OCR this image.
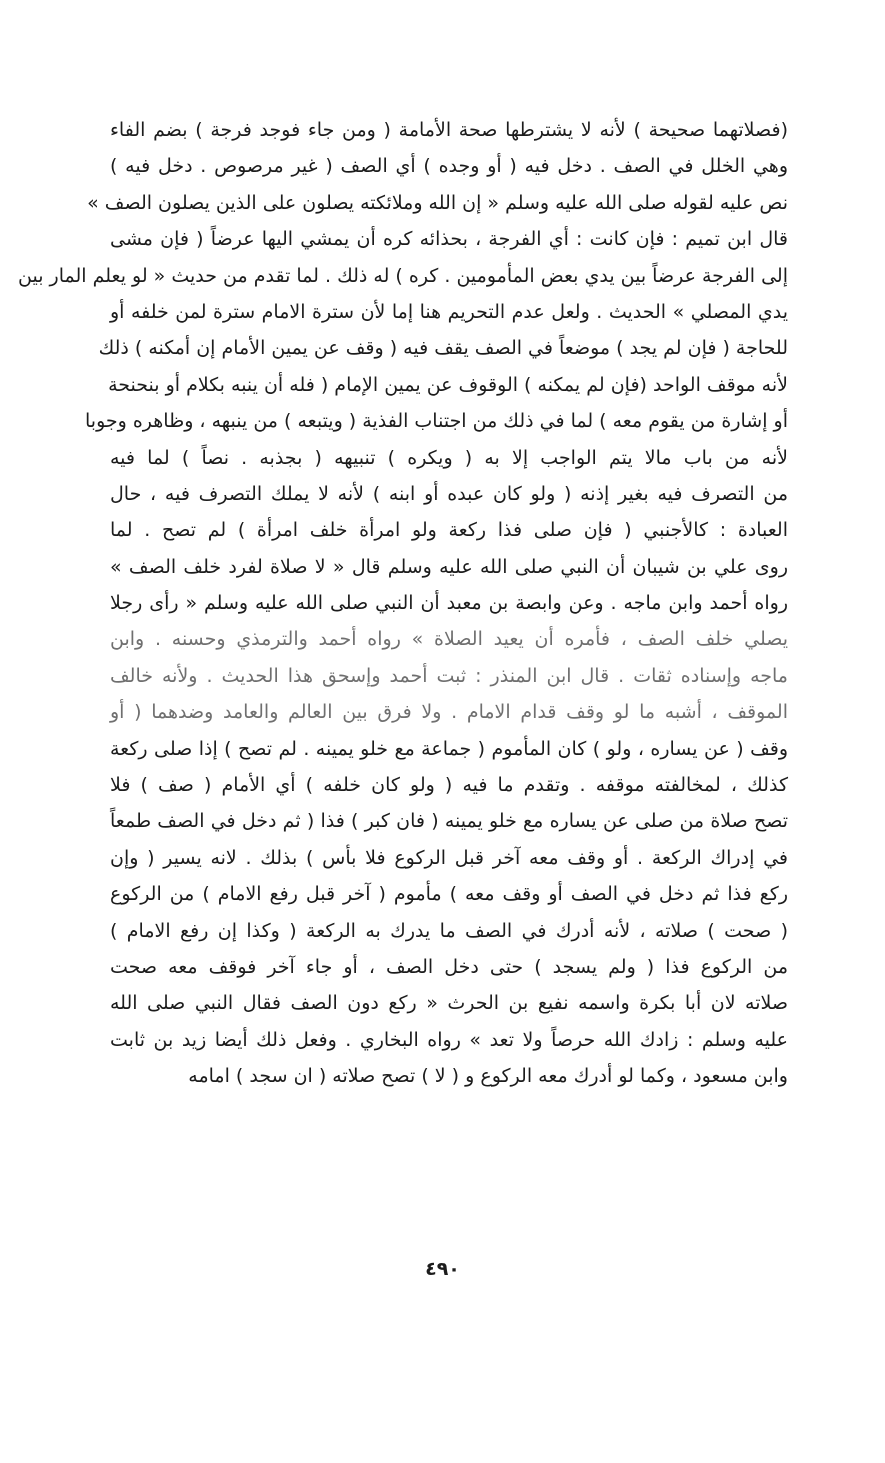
(فصلاتهما صحيحة ) لأنه لا يشترطها صحة الأمامة ( ومن جاء فوجد فرجة ) بضم الفاء
وهي الخلل في الصف . دخل فيه ( أو وجده ) أي الصف ( غير مرصوص . دخل فيه )
نص عليه لقوله صلى الله عليه وسلم « إن الله وملائكته يصلون على الذين يصلون الصف »
قال ابن تميم : فإن كانت : أي الفرجة ، بحذائه كره أن يمشي اليها عرضاً ( فإن مشى
إلى الفرجة عرضاً بين يدي بعض المأمومين . كره ) له ذلك . لما تقدم من حديث « لو يعلم المار بين
يدي المصلي » الحديث . ولعل عدم التحريم هنا إما لأن سترة الامام سترة لمن خلفه أو
للحاجة ( فإن لم يجد ) موضعاً في الصف يقف فيه ( وقف عن يمين الأمام إن أمكنه ) ذلك
لأنه موقف الواحد (فإن لم يمكنه ) الوقوف عن يمين الإمام ( فله أن ينبه بكلام أو بنحنحة
أو إشارة من يقوم معه ) لما في ذلك من اجتناب الفذية ( ويتبعه ) من ينبهه ، وظاهره وجوبا
لأنه من باب مالا يتم الواجب إلا به ( ويكره ) تنبيهه ( بجذبه . نصاً ) لما فيه
من التصرف فيه بغير إذنه ( ولو كان عبده أو ابنه ) لأنه لا يملك التصرف فيه ، حال
العبادة : كالأجنبي ( فإن صلى فذا ركعة ولو امرأة خلف امرأة ) لم تصح . لما
روى علي بن شيبان أن النبي صلى الله عليه وسلم قال « لا صلاة لفرد خلف الصف »
رواه أحمد وابن ماجه . وعن وابصة بن معبد أن النبي صلى الله عليه وسلم « رأى رجلا
يصلي خلف الصف ، فأمره أن يعيد الصلاة » رواه أحمد والترمذي وحسنه . وابن
ماجه وإسناده ثقات . قال ابن المنذر : ثبت أحمد وإسحق هذا الحديث . ولأنه خالف
الموقف ، أشبه ما لو وقف قدام الامام . ولا فرق بين العالم والعامد وضدهما ( أو
وقف ( عن يساره ، ولو ) كان المأموم ( جماعة مع خلو يمينه . لم تصح ) إذا صلى ركعة
كذلك ، لمخالفته موقفه . وتقدم ما فيه ( ولو كان خلفه ) أي الأمام ( صف ) فلا
تصح صلاة من صلى عن يساره مع خلو يمينه ( فان كبر ) فذا ( ثم دخل في الصف طمعاً
في إدراك الركعة . أو وقف معه آخر قبل الركوع فلا بأس ) بذلك . لانه يسير ( وإن
ركع فذا ثم دخل في الصف أو وقف معه ) مأموم ( آخر قبل رفع الامام ) من الركوع
( صحت ) صلاته ، لأنه أدرك في الصف ما يدرك به الركعة ( وكذا إن رفع الامام )
من الركوع فذا ( ولم يسجد ) حتى دخل الصف ، أو جاء آخر فوقف معه صحت
صلاته لان أبا بكرة واسمه نفيع بن الحرث « ركع دون الصف فقال النبي صلى الله
عليه وسلم : زادك الله حرصاً ولا تعد » رواه البخاري . وفعل ذلك أيضا زيد بن ثابت
وابن مسعود ، وكما لو أدرك معه الركوع و ( لا ) تصح صلاته ( ان سجد ) امامه
٤٩٠
